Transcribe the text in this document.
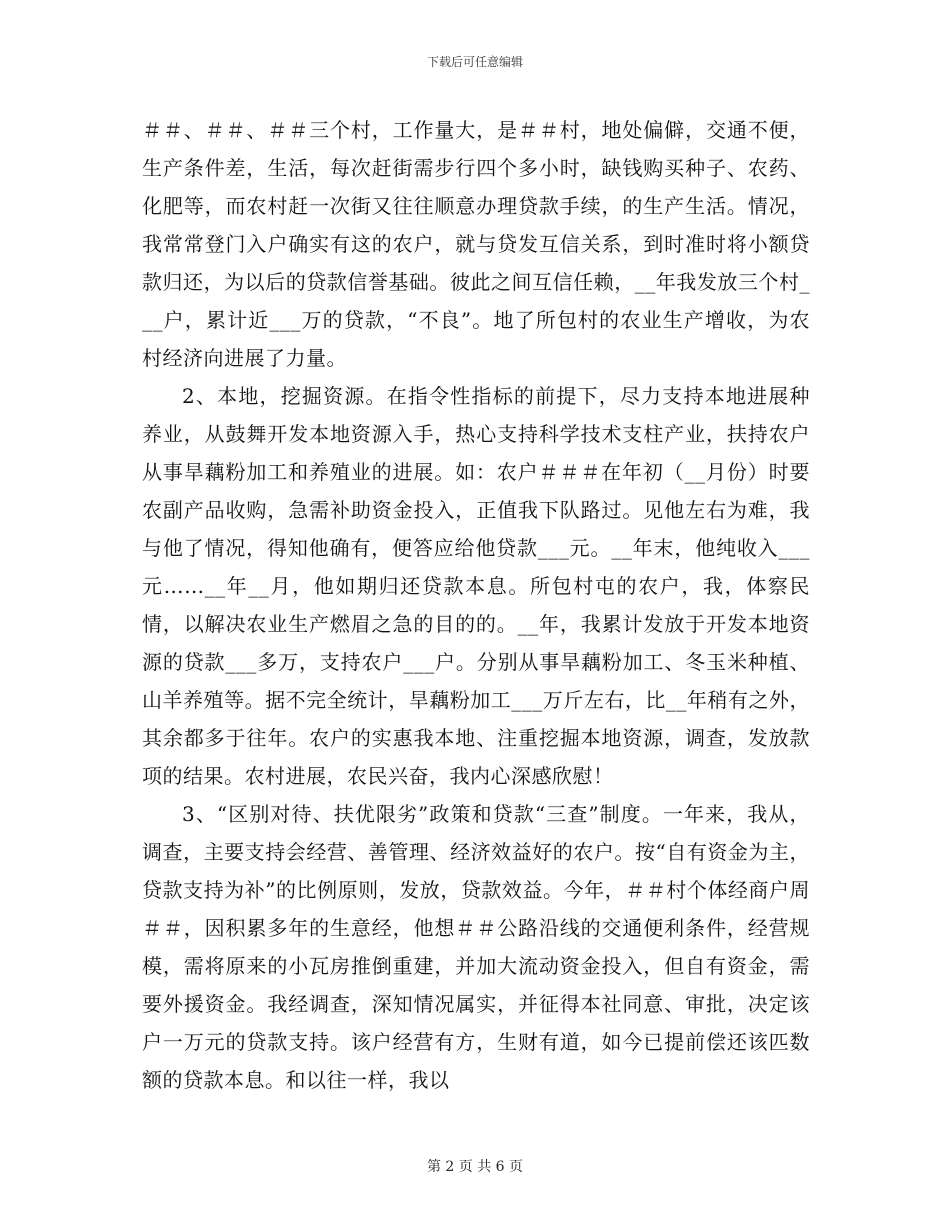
下载后可任意编辑

＃＃、＃＃、＃＃三个村，工作量大，是＃＃村，地处偏僻，交通不便，生产条件差，生活，每次赶街需步行四个多小时，缺钱购买种子、农药、化肥等，而农村赶一次街又往往顺意办理贷款手续，的生产生活。情况，我常常登门入户确实有这的农户，就与贷发互信关系，到时准时将小额贷款归还，为以后的贷款信誉基础。彼此之间互信任赖，__年我发放三个村___户，累计近___万的贷款，“不良”。地了所包村的农业生产增收，为农村经济向进展了力量。

2、本地，挖掘资源。在指令性指标的前提下，尽力支持本地进展种养业，从鼓舞开发本地资源入手，热心支持科学技术支柱产业，扶持农户从事旱藕粉加工和养殖业的进展。如：农户＃＃＃在年初（__月份）时要农副产品收购，急需补助资金投入，正值我下队路过。见他左右为难，我与他了情况，得知他确有，便答应给他贷款___元。__年末，他纯收入___元……__年__月，他如期归还贷款本息。所包村屯的农户，我，体察民情，以解决农业生产燃眉之急的目的的。__年，我累计发放于开发本地资源的贷款___多万，支持农户___户。分别从事旱藕粉加工、冬玉米种植、山羊养殖等。据不完全统计，旱藕粉加工___万斤左右，比__年稍有之外，其余都多于往年。农户的实惠我本地、注重挖掘本地资源，调查，发放款项的结果。农村进展，农民兴奋，我内心深感欣慰！

3、“区别对待、扶优限劣”政策和贷款“三查”制度。一年来，我从，调查，主要支持会经营、善管理、经济效益好的农户。按“自有资金为主，贷款支持为补”的比例原则，发放，贷款效益。今年，＃＃村个体经商户周＃＃，因积累多年的生意经，他想＃＃公路沿线的交通便利条件，经营规模，需将原来的小瓦房推倒重建，并加大流动资金投入，但自有资金，需要外援资金。我经调查，深知情况属实，并征得本社同意、审批，决定该户一万元的贷款支持。该户经营有方，生财有道，如今已提前偿还该匹数额的贷款本息。和以往一样，我以

第 2 页 共 6 页
